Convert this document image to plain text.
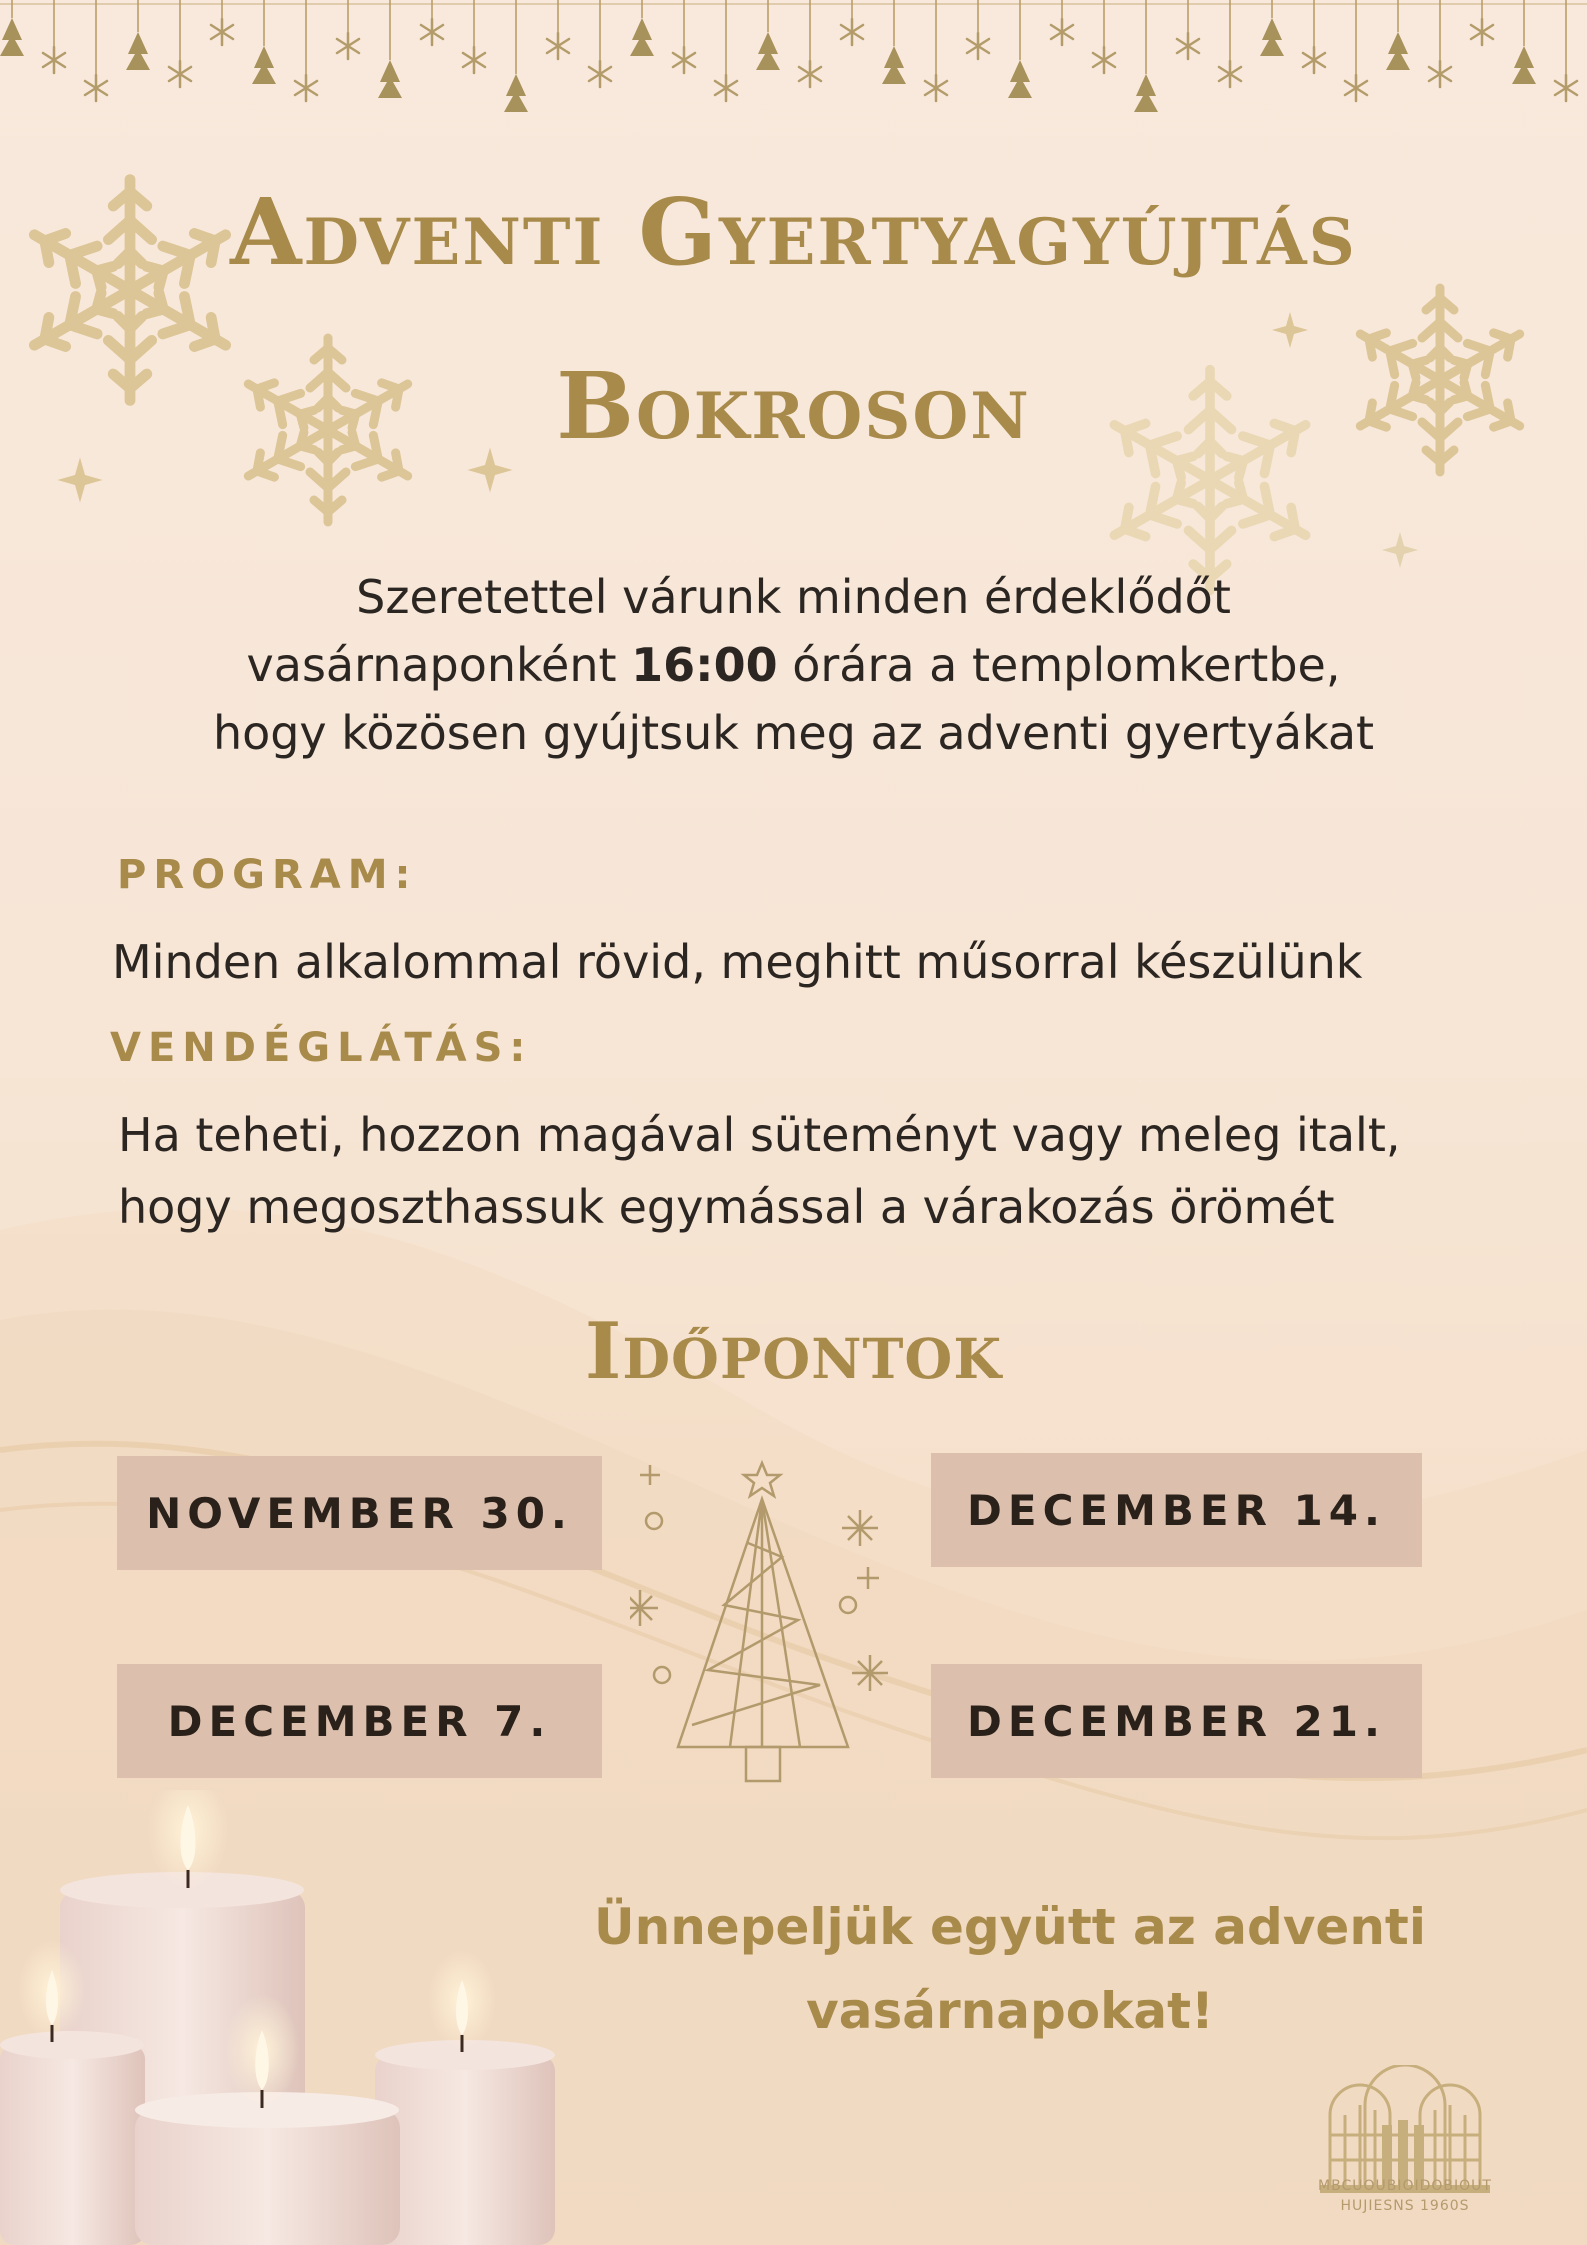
Adventi Gyertyagyújtás
Bokroson
Szeretettel várunk minden érdeklődőt
vasárnaponként 16:00 órára a templomkertbe,
hogy közösen gyújtsuk meg az adventi gyertyákat
PROGRAM:
Minden alkalommal rövid, meghitt műsorral készülünk
VENDÉGLÁTÁS:
Ha teheti, hozzon magával süteményt vagy meleg italt,
hogy megoszthassuk egymással a várakozás örömét
Időpontok
NOVEMBER 30.
DECEMBER 7.
DECEMBER 14.
DECEMBER 21.
Ünnepeljük együtt az adventi
vasárnapokat!
MBCUOUBIOIDOBIOUT
HUJIESNS 1960S
